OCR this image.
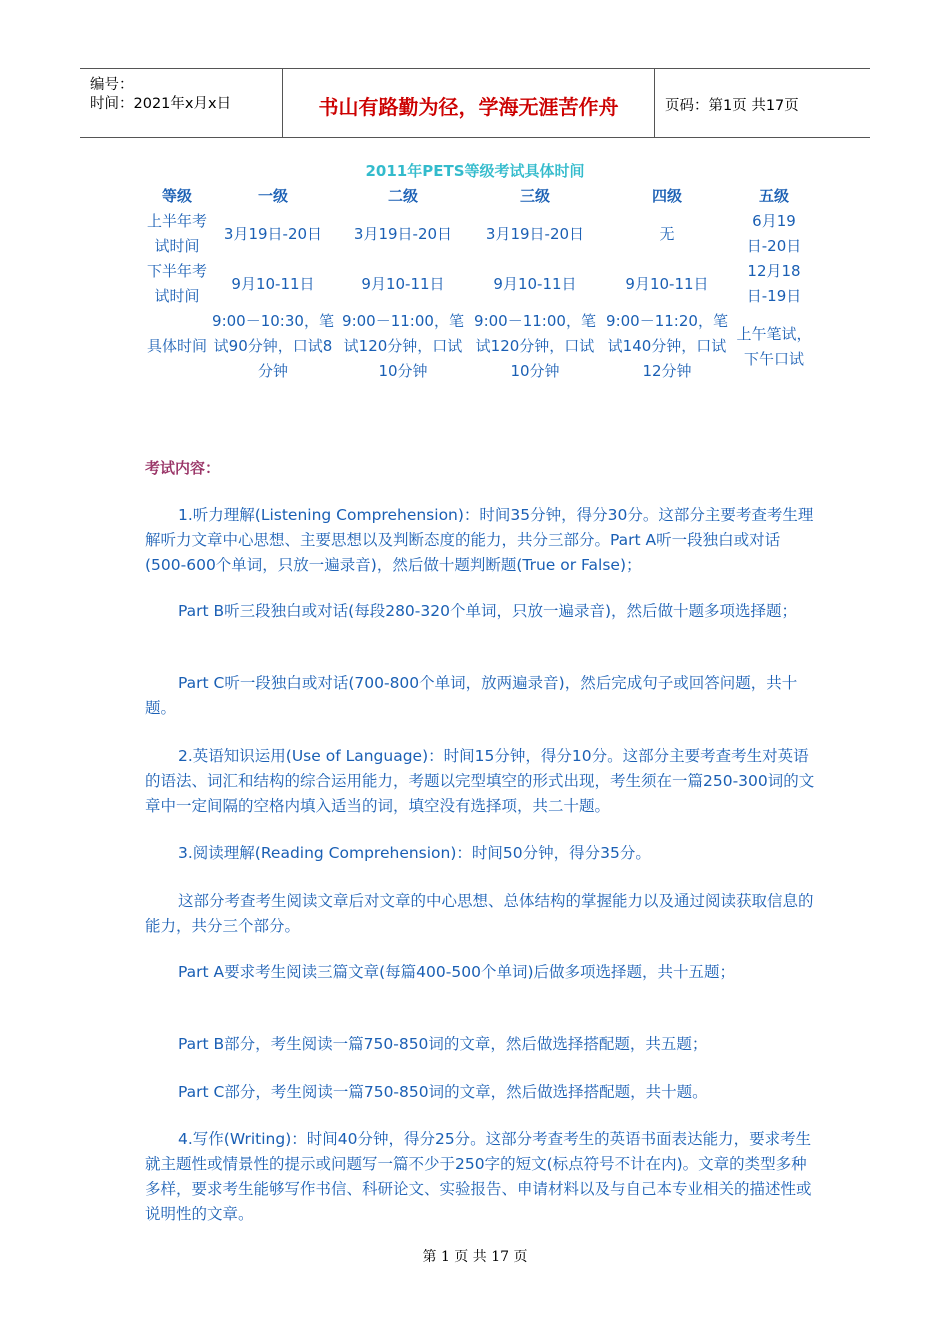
编号：
时间：2021年x月x日	书山有路勤为径，学海无涯苦作舟	页码：第1页 共17页
2011年PETS等级考试具体时间
等级	一级	二级	三级	四级	五级
上半年考试时间	3月19日-20日	3月19日-20日	3月19日-20日	无	6月19日-20日
下半年考试时间	9月10-11日	9月10-11日	9月10-11日	9月10-11日	12月18日-19日
具体时间	9:00－10:30，笔试90分钟，口试8分钟	9:00－11:00，笔试120分钟，口试10分钟	9:00－11:00，笔试120分钟，口试10分钟	9:00－11:20，笔试140分钟，口试12分钟	上午笔试，下午口试
考试内容：

1.听力理解(Listening Comprehension)：时间35分钟，得分30分。这部分主要考查考生理解听力文章中心思想、主要思想以及判断态度的能力，共分三部分。Part A听一段独白或对话(500-600个单词，只放一遍录音)，然后做十题判断题(True or False)；

Part B听三段独白或对话(每段280-320个单词，只放一遍录音)，然后做十题多项选择题；

Part C听一段独白或对话(700-800个单词，放两遍录音)，然后完成句子或回答问题，共十题。

2.英语知识运用(Use of Language)：时间15分钟，得分10分。这部分主要考查考生对英语的语法、词汇和结构的综合运用能力，考题以完型填空的形式出现，考生须在一篇250-300词的文章中一定间隔的空格内填入适当的词，填空没有选择项，共二十题。

3.阅读理解(Reading Comprehension)：时间50分钟，得分35分。

这部分考查考生阅读文章后对文章的中心思想、总体结构的掌握能力以及通过阅读获取信息的能力，共分三个部分。

Part A要求考生阅读三篇文章(每篇400-500个单词)后做多项选择题，共十五题；

Part B部分，考生阅读一篇750-850词的文章，然后做选择搭配题，共五题；

Part C部分，考生阅读一篇750-850词的文章，然后做选择搭配题，共十题。

4.写作(Writing)：时间40分钟，得分25分。这部分考查考生的英语书面表达能力，要求考生就主题性或情景性的提示或问题写一篇不少于250字的短文(标点符号不计在内)。文章的类型多种多样，要求考生能够写作书信、科研论文、实验报告、申请材料以及与自己本专业相关的描述性或说明性的文章。

第 1 页 共 17 页
